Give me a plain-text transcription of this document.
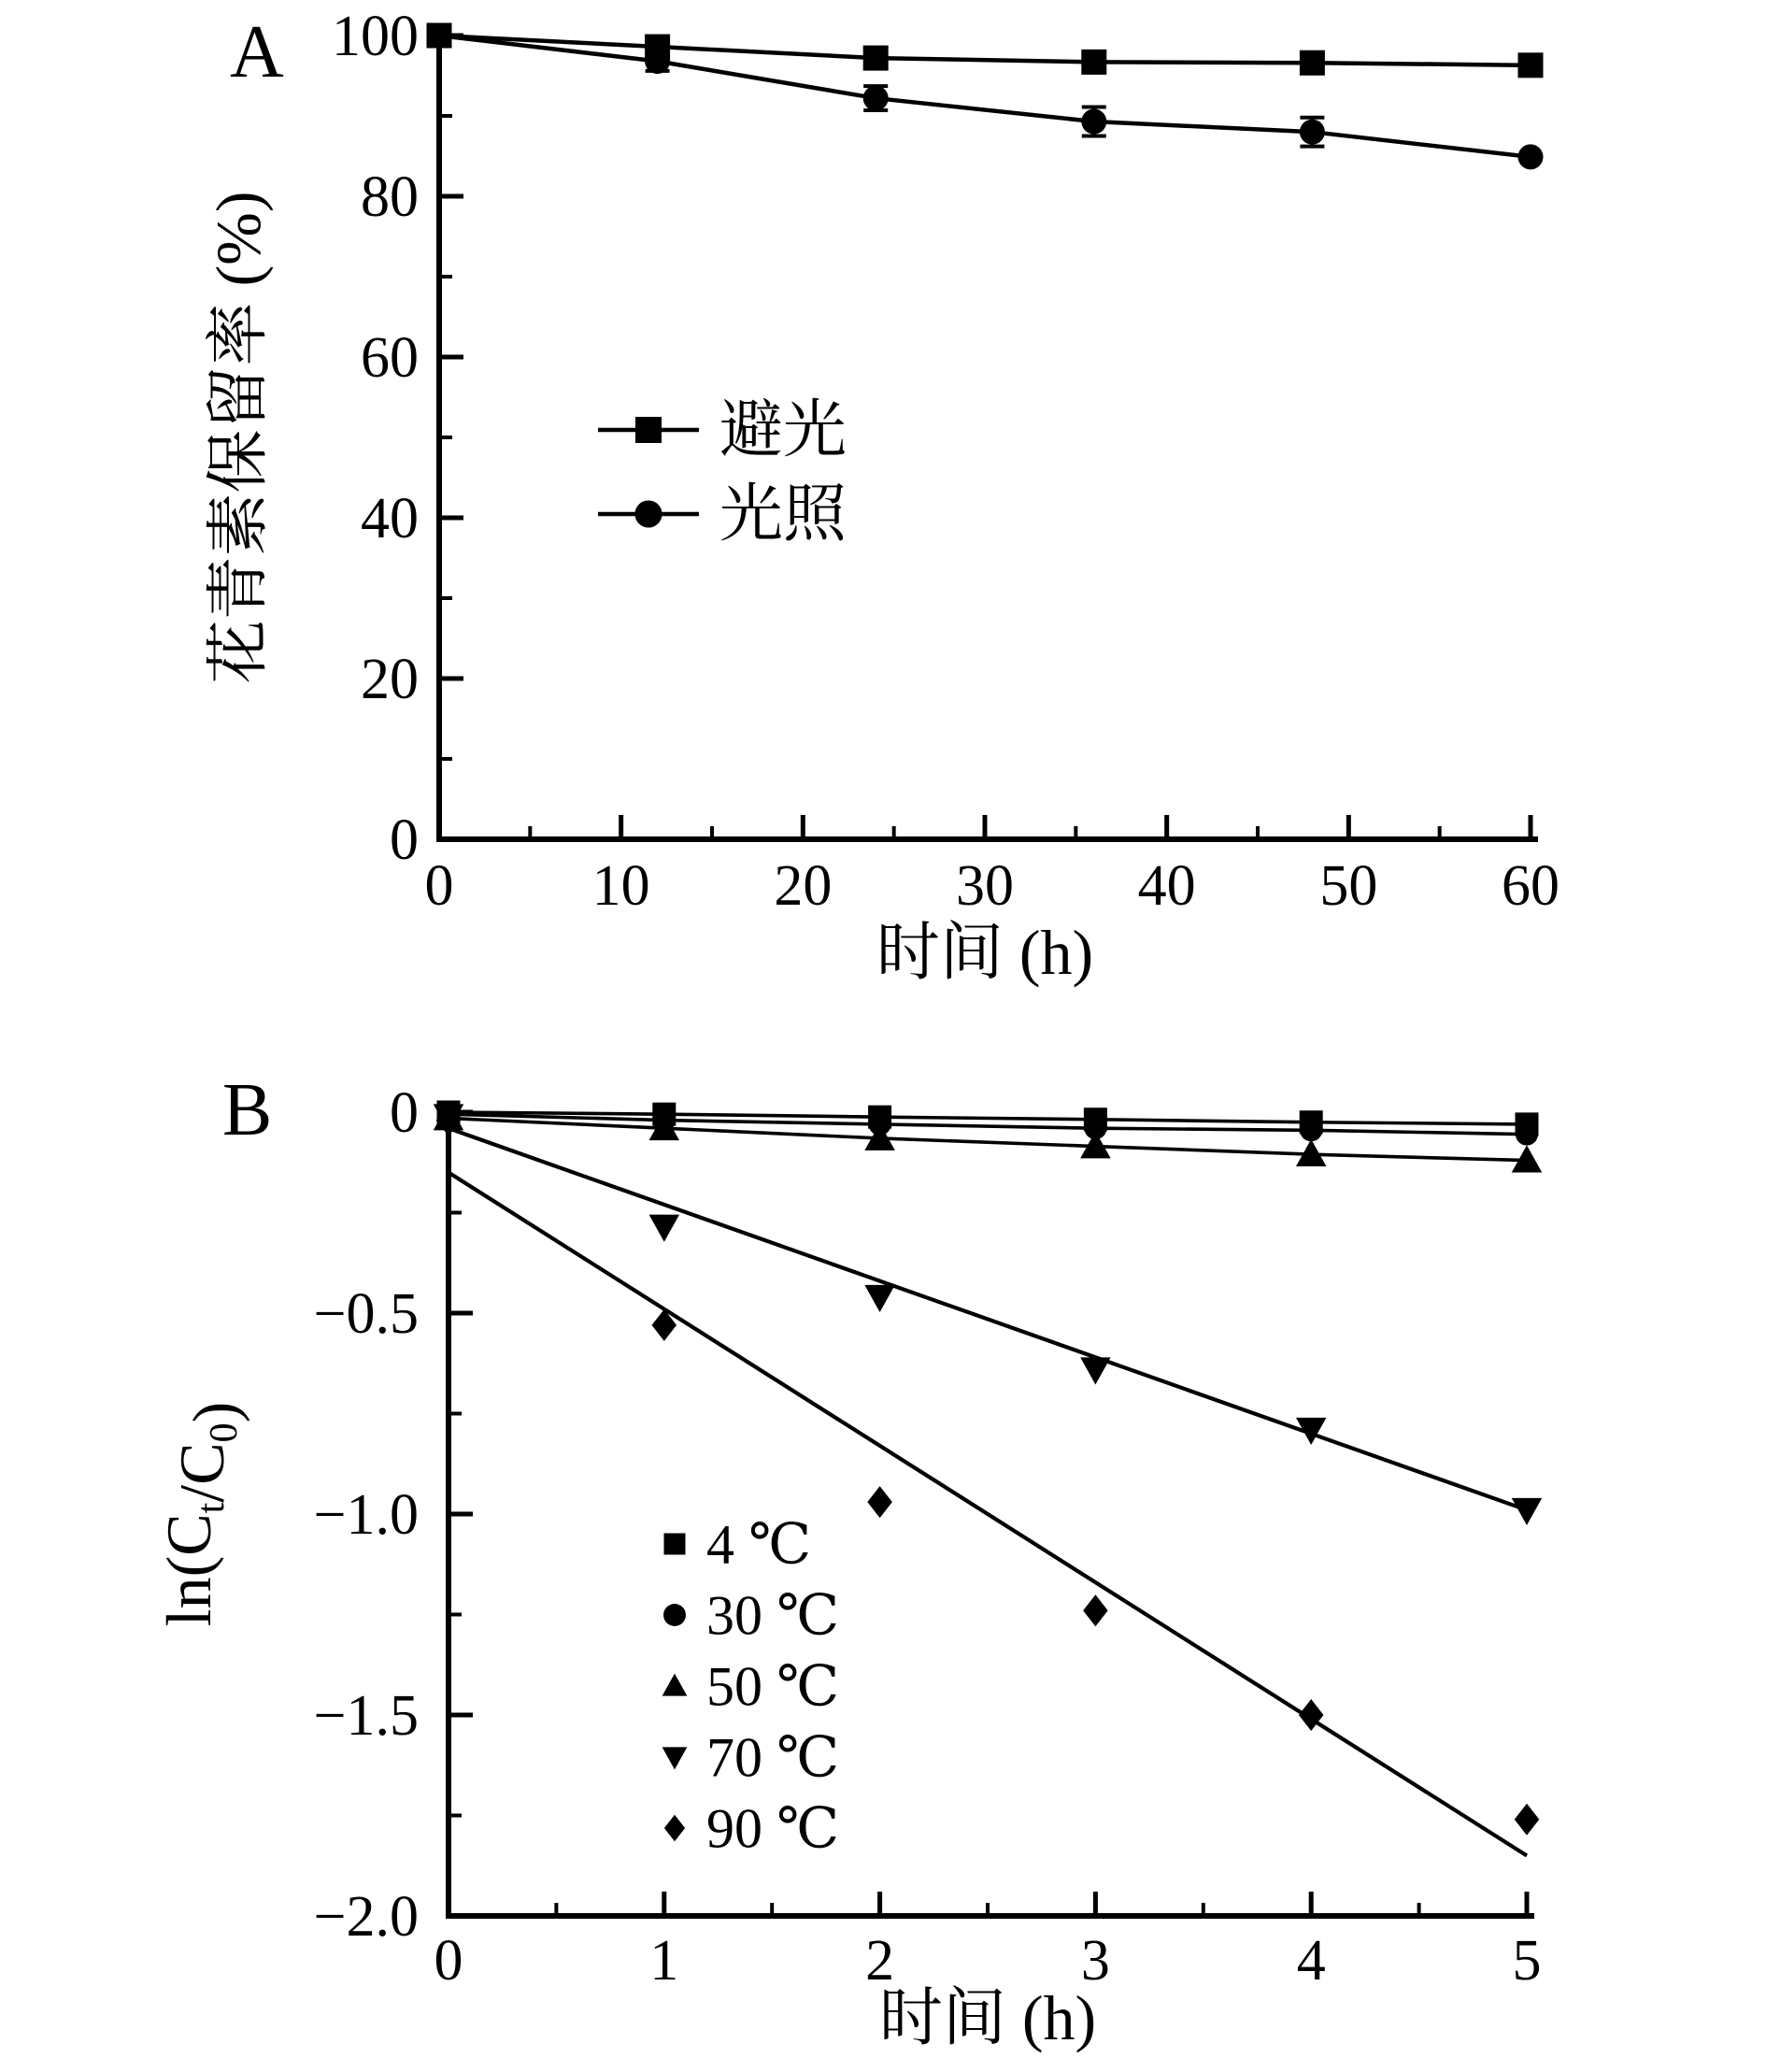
0 10 20 30 40 50 60
0
20
40
60
80
100
A
时间 (h)
花青素保留率 (%)	避光
光照
0	1	2	3	4	5
0
−0.5
−1.0
−1.5
−2.0
B
时间 (h)
$\ln(C_t/C_0)$
4 ℃
30 ℃
50 ℃
70 ℃
90 ℃
